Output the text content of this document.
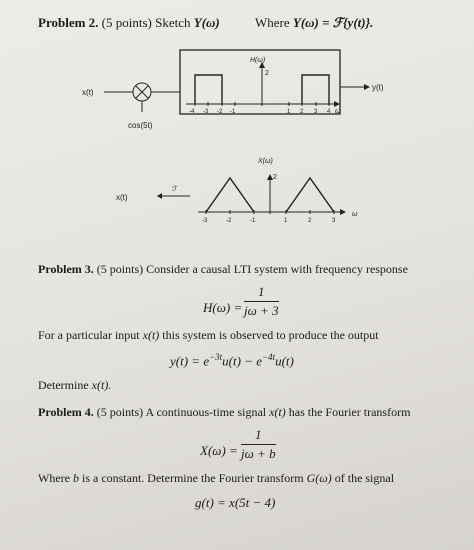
Problem 2. (5 points) Sketch Y(ω)	Where Y(ω) = ℱ{y(t)}.
x(t)
cos(5t)
ω
H(ω)
2
-4 -3 -2 -1	1 2 3 4
y(t)
x(t)
ℱ
ω
X(ω)
2
-3	-2	-1	1	2	3
Problem 3. (5 points) Consider a causal LTI system with frequency response
$H(\omega) = \frac{1}{j\omega + 3}$
For a particular input x(t) this system is observed to produce the output
$y(t) = e^{-3t}u(t) - e^{-4t}u(t)$
Determine x(t).
Problem 4. (5 points) A continuous-time signal x(t) has the Fourier transform
$X(\omega) = \frac{1}{j\omega + b}$
Where b is a constant. Determine the Fourier transform G(ω) of the signal
g(t) = x(5t − 4)
